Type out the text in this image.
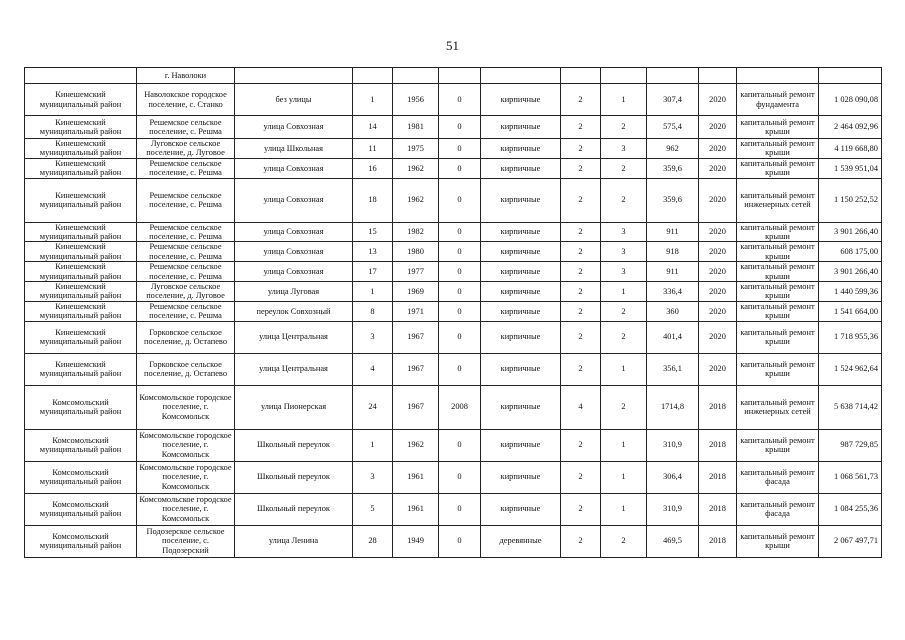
51
	г. Наволоки											
Кинешемский муниципальный район	Наволокское городское поселение, с. Станко	без улицы	1	1956	0	кирпичные	2	1	307,4	2020	капитальный ремонт фундамента	1 028 090,08
Кинешемский муниципальный район	Решемское сельское поселение, с. Решма	улица Совхозная	14	1981	0	кирпичные	2	2	575,4	2020	капитальный ремонт крыши	2 464 092,96
Кинешемский муниципальный район	Луговское сельское поселение, д. Луговое	улица Школьная	11	1975	0	кирпичные	2	3	962	2020	капитальный ремонт крыши	4 119 668,80
Кинешемский муниципальный район	Решемское сельское поселение, с. Решма	улица Совхозная	16	1962	0	кирпичные	2	2	359,6	2020	капитальный ремонт крыши	1 539 951,04
Кинешемский муниципальный район	Решемское сельское поселение, с. Решма	улица Совхозная	18	1962	0	кирпичные	2	2	359,6	2020	капитальный ремонт инженерных сетей	1 150 252,52
Кинешемский муниципальный район	Решемское сельское поселение, с. Решма	улица Совхозная	15	1982	0	кирпичные	2	3	911	2020	капитальный ремонт крыши	3 901 266,40
Кинешемский муниципальный район	Решемское сельское поселение, с. Решма	улица Совхозная	13	1980	0	кирпичные	2	3	918	2020	капитальный ремонт крыши	608 175,00
Кинешемский муниципальный район	Решемское сельское поселение, с. Решма	улица Совхозная	17	1977	0	кирпичные	2	3	911	2020	капитальный ремонт крыши	3 901 266,40
Кинешемский муниципальный район	Луговское сельское поселение, д. Луговое	улица Луговая	1	1969	0	кирпичные	2	1	336,4	2020	капитальный ремонт крыши	1 440 599,36
Кинешемский муниципальный район	Решемское сельское поселение, с. Решма	переулок Совхозный	8	1971	0	кирпичные	2	2	360	2020	капитальный ремонт крыши	1 541 664,00
Кинешемский муниципальный район	Горковское сельское поселение, д. Остапево	улица Центральная	3	1967	0	кирпичные	2	2	401,4	2020	капитальный ремонт крыши	1 718 955,36
Кинешемский муниципальный район	Горковское сельское поселение, д. Остапево	улица Центральная	4	1967	0	кирпичные	2	1	356,1	2020	капитальный ремонт крыши	1 524 962,64
Комсомольский муниципальный район	Комсомольское городское поселение, г. Комсомольск	улица Пионерская	24	1967	2008	кирпичные	4	2	1714,8	2018	капитальный ремонт инженерных сетей	5 638 714,42
Комсомольский муниципальный район	Комсомольское городское поселение, г. Комсомольск	Школьный переулок	1	1962	0	кирпичные	2	1	310,9	2018	капитальный ремонт крыши	987 729,85
Комсомольский муниципальный район	Комсомольское городское поселение, г. Комсомольск	Школьный переулок	3	1961	0	кирпичные	2	1	306,4	2018	капитальный ремонт фасада	1 068 561,73
Комсомольский муниципальный район	Комсомольское городское поселение, г. Комсомольск	Школьный переулок	5	1961	0	кирпичные	2	1	310,9	2018	капитальный ремонт фасада	1 084 255,36
Комсомольский муниципальный район	Подозерское сельское поселение, с. Подозерский	улица Ленина	28	1949	0	деревянные	2	2	469,5	2018	капитальный ремонт крыши	2 067 497,71
